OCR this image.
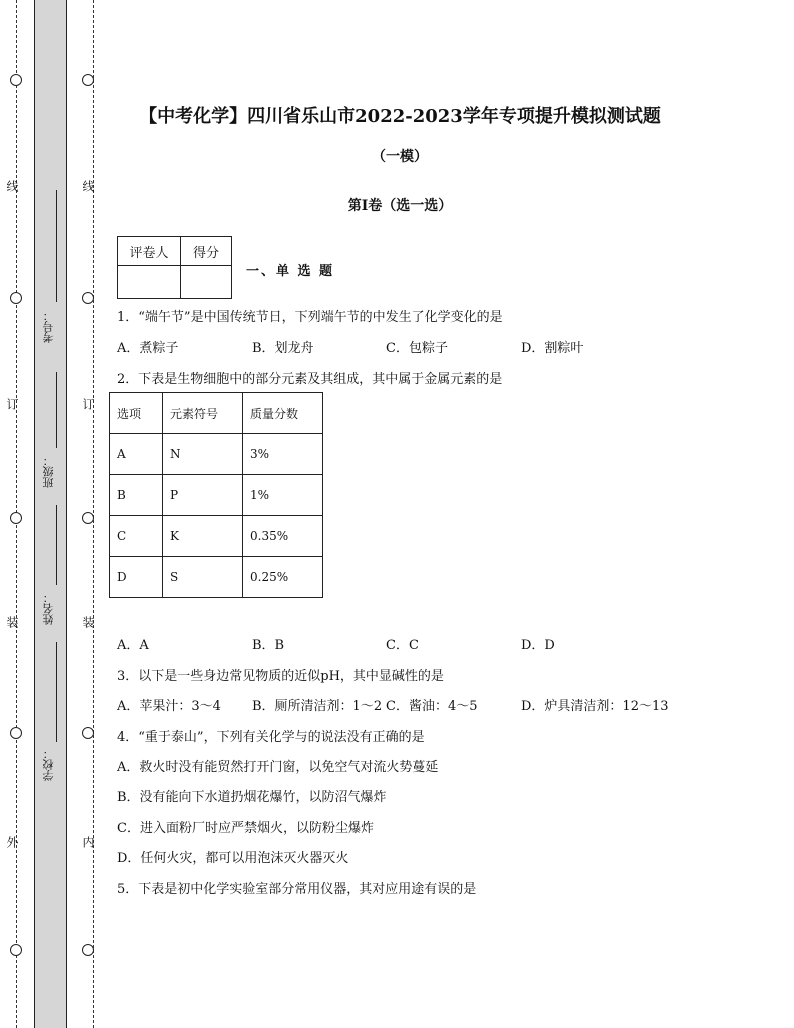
线
订
装
外
线
订
装
内
考号：
班级：
姓名：
学校：
【中考化学】四川省乐山市2022-2023学年专项提升模拟测试题
（一模）
第I卷（选一选）
评卷人	得分

一、单 选 题
1．“端午节”是中国传统节日，下列端午节的中发生了化学变化的是
A．煮粽子	B．划龙舟	C．包粽子	D．割粽叶
2．下表是生物细胞中的部分元素及其组成，其中属于金属元素的是
选项	元素符号	质量分数
A	N	3%
B	P	1%
C	K	0.35%
D	S	0.25%
A．A	B．B	C．C	D．D
3．以下是一些身边常见物质的近似pH，其中显碱性的是
A．苹果汁：3～4 B．厕所清洁剂：1～2 C．酱油：4～5	D．炉具清洁剂：12～13
4．“重于泰山”，下列有关化学与的说法没有正确的是
A．救火时没有能贸然打开门窗，以免空气对流火势蔓延
B．没有能向下水道扔烟花爆竹，以防沼气爆炸
C．进入面粉厂时应严禁烟火，以防粉尘爆炸
D．任何火灾，都可以用泡沫灭火器灭火
5．下表是初中化学实验室部分常用仪器，其对应用途有误的是
